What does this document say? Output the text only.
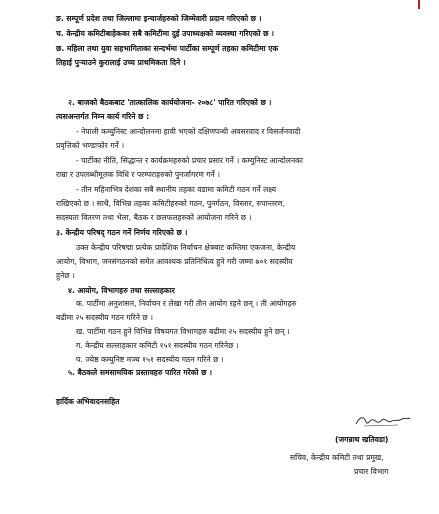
ङ. सम्पूर्ण प्रदेश तथा जिल्लामा इन्चार्जहरुको जिम्मेवारी प्रदान गरिएको छ ।
च. केन्द्रीय कमिटीबाहेकका सबै कमिटीमा दुई उपाध्यक्षको व्यवस्था गरिएको छ ।
छ. महिला तथा युवा सहभागिताका सन्दर्भमा पार्टीका सम्पूर्ण तहका कमिटीमा एक
तिहाई पुऱ्याउने कुरालाई उच्च प्राथमिकता दिने ।
२. बाजको बैठकबाट 'तात्कालिक कार्ययोजना- २०७८' पारित गरिएको छ ।
त्यसअन्तर्गत निम्न कार्य गरिने छ :
- नेपाली कम्युनिस्ट आन्दोलनमा हावी भएको दक्षिणपन्थी अवसरवाद र विसर्जनवादी
प्रवृत्तिको भण्डाफोर गर्ने ।
- पार्टीका नीति, सिद्धान्त र कार्यक्रमहरुको प्रचार प्रसार गर्ने । कम्युनिस्ट आन्दोलनका
राम्रा र उपलब्धीमूलक विधि र परम्पराहरुको पुनर्जागरण गर्ने ।
- तीन महिनाभित्र देशका सबै स्थानीय तहका वडामा कमिटी गठन गर्ने लक्ष्य
राखिएको छ । साथै, विभिन्न तहका कमिटीहरुको गठन, पुनर्गठन, विस्तार, रुपान्तरण,
सदस्यता वितरण तथा भेला, बैठक र छलफलहरुको आयोजना गरिने छ ।
३. केन्द्रीय परिषद् गठन गर्ने निर्णय गरिएको छ ।
उक्त केन्द्रीय परिषद्मा प्रत्येक प्रादेशिक निर्वाचन क्षेत्रबाट कम्तिमा एकजना, केन्द्रीय
आयोग, विभाग, जनसंगठनको समेत आवश्यक प्रतिनिधित्व हुने गरी जम्मा ७०१ सदस्यीय
हुनेछ ।
४. आयोग, विभागहरु तथा सल्लाहकार
क. पार्टीमा अनुशासन, निर्वाचन र लेखा गरी तीन आयोग रहने छन् । ती आयोगहरु
बढीमा २५ सदस्यीय गठन गरिने छ ।
ख. पार्टीमा गठन हुने विभिन्न विषयगत विभागहरु बढीमा २५ सदस्यीय हुने छन् ।
ग. केन्द्रीय सल्लाहकार कमिटी १५१ सदस्यीय गठन गरिनेछ ।
घ. ज्येष्ठ कम्युनिष्ट मञ्च १५१ सदस्यीय गठन गरिने छ ।
५. बैठकले समसामयिक प्रस्तावहरु पारित गरेको छ ।
हार्दिक अभिवादनसहित
(जगन्नाथ खतिवडा)
सचिव, केन्द्रीय कमिटी तथा प्रमुख,
प्रचार विभाग
